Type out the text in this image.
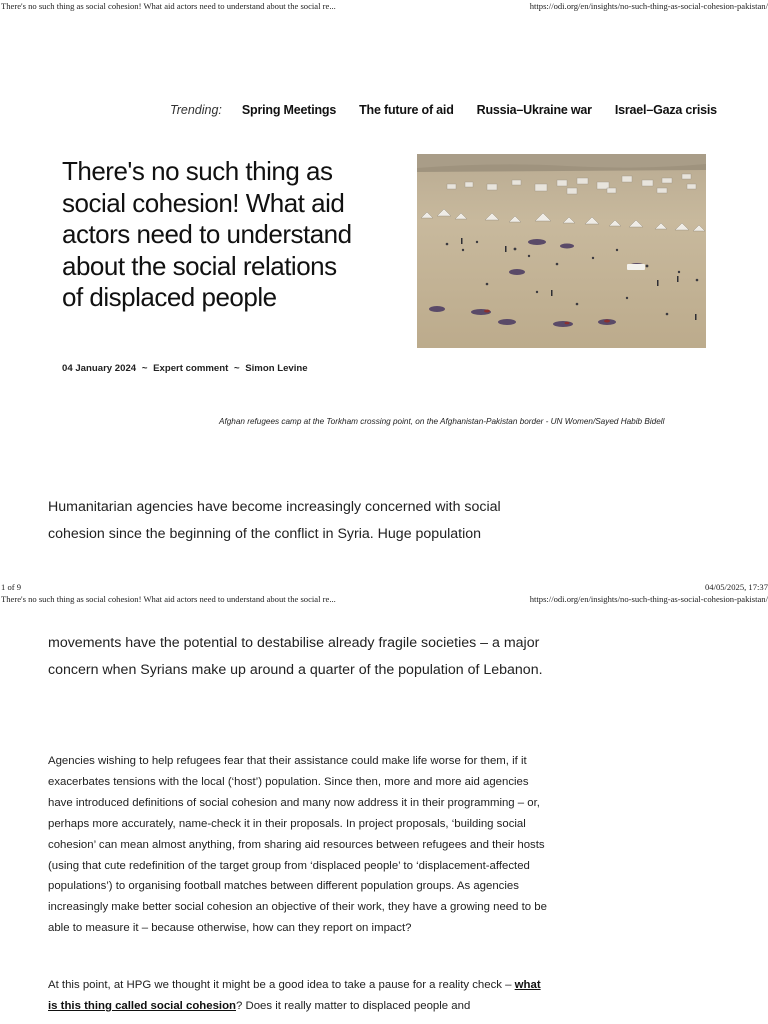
There's no such thing as social cohesion! What aid actors need to understand about the social re...	https://odi.org/en/insights/no-such-thing-as-social-cohesion-pakistan/
Trending: Spring Meetings The future of aid Russia–Ukraine war Israel–Gaza crisis
There's no such thing as social cohesion! What aid actors need to understand about the social relations of displaced people
04 January 2024 ~ Expert comment ~ Simon Levine
Afghan refugees camp at the Torkham crossing point, on the Afghanistan-Pakistan border - UN Women/Sayed Habib Bidell

Humanitarian agencies have become increasingly concerned with social cohesion since the beginning of the conflict in Syria. Huge population

1 of 9	04/05/2025, 17:37
There's no such thing as social cohesion! What aid actors need to understand about the social re...	https://odi.org/en/insights/no-such-thing-as-social-cohesion-pakistan/

movements have the potential to destabilise already fragile societies – a major concern when Syrians make up around a quarter of the population of Lebanon.

Agencies wishing to help refugees fear that their assistance could make life worse for them, if it exacerbates tensions with the local (‘host’) population. Since then, more and more aid agencies have introduced definitions of social cohesion and many now address it in their programming – or, perhaps more accurately, name-check it in their proposals. In project proposals, ‘building social cohesion’ can mean almost anything, from sharing aid resources between refugees and their hosts (using that cute redefinition of the target group from ‘displaced people’ to ‘displacement-affected populations’) to organising football matches between different population groups. As agencies increasingly make better social cohesion an objective of their work, they have a growing need to be able to measure it – because otherwise, how can they report on impact?

At this point, at HPG we thought it might be a good idea to take a pause for a reality check – what is this thing called social cohesion? Does it really matter to displaced people and
